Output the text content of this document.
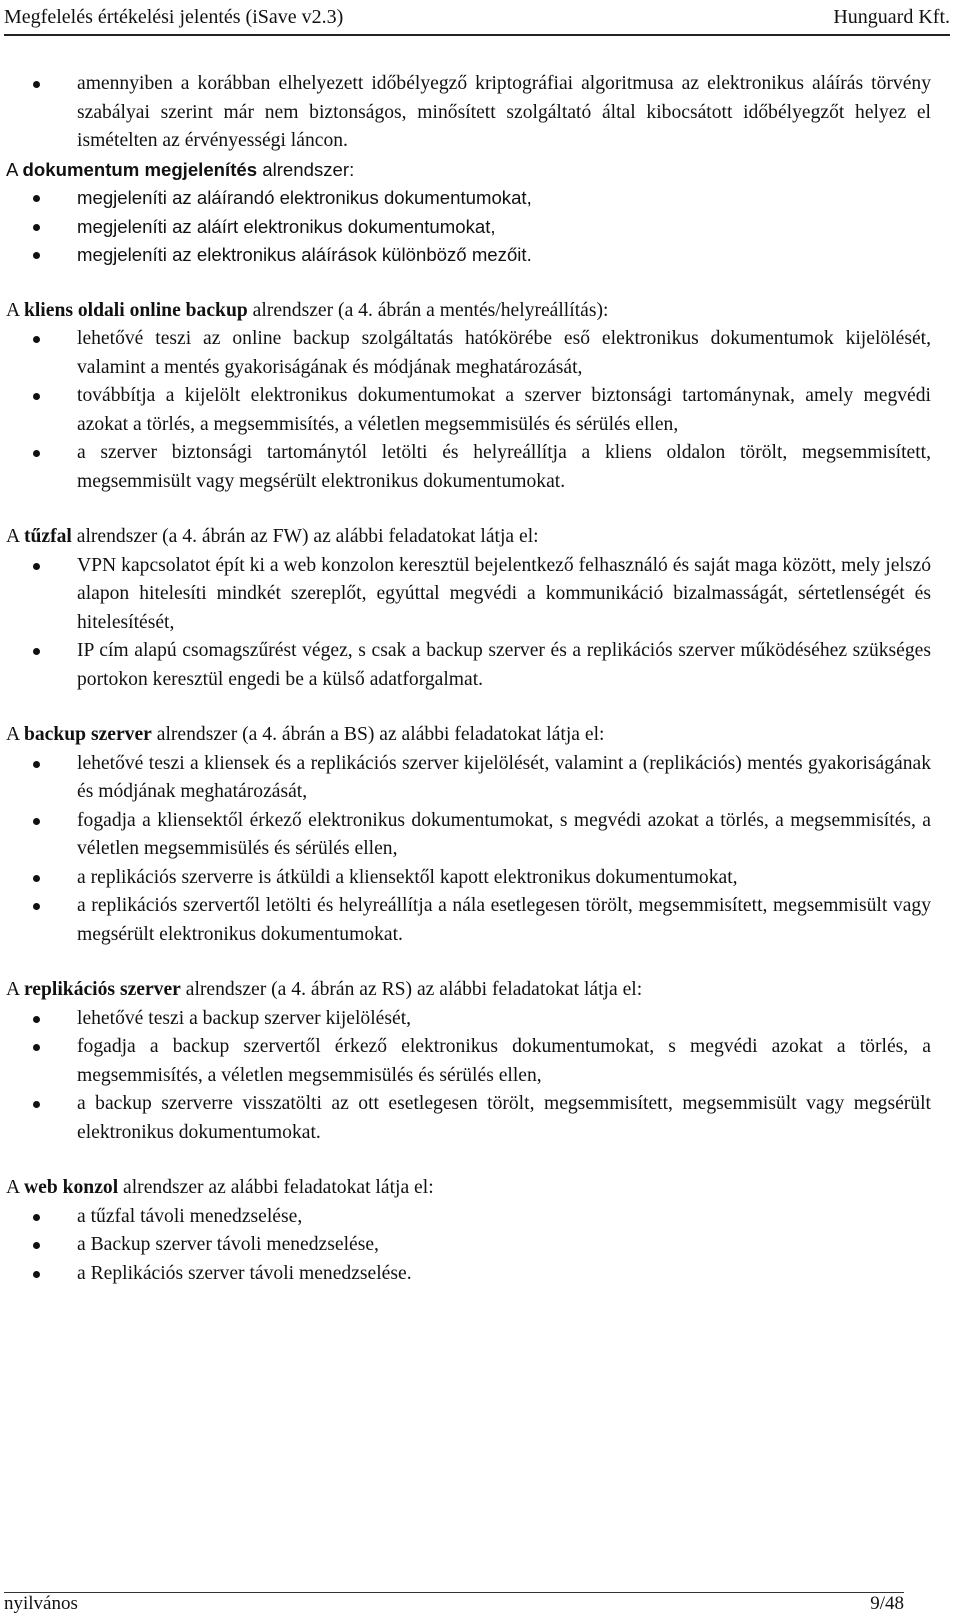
Megfelelés értékelési jelentés (iSave v2.3)	Hunguard Kft.
amennyiben a korábban elhelyezett időbélyegző kriptográfiai algoritmusa az elektronikus aláírás törvény szabályai szerint már nem biztonságos, minősített szolgáltató által kibocsátott időbélyegzőt helyez el ismételten az érvényességi láncon.

A dokumentum megjelenítés alrendszer:

megjeleníti az aláírandó elektronikus dokumentumokat,
megjeleníti az aláírt elektronikus dokumentumokat,
megjeleníti az elektronikus aláírások különböző mezőit.

A kliens oldali online backup alrendszer (a 4. ábrán a mentés/helyreállítás):

lehetővé teszi az online backup szolgáltatás hatókörébe eső elektronikus dokumentumok kijelölését, valamint a mentés gyakoriságának és módjának meghatározását,
továbbítja a kijelölt elektronikus dokumentumokat a szerver biztonsági tartománynak, amely megvédi azokat a törlés, a megsemmisítés, a véletlen megsemmisülés és sérülés ellen,
a szerver biztonsági tartománytól letölti és helyreállítja a kliens oldalon törölt, megsemmisített, megsemmisült vagy megsérült elektronikus dokumentumokat.

A tűzfal alrendszer (a 4. ábrán az FW) az alábbi feladatokat látja el:

VPN kapcsolatot épít ki a web konzolon keresztül bejelentkező felhasználó és saját maga között, mely jelszó alapon hitelesíti mindkét szereplőt, egyúttal megvédi a kommunikáció bizalmasságát, sértetlenségét és hitelesítését,
IP cím alapú csomagszűrést végez, s csak a backup szerver és a replikációs szerver működéséhez szükséges portokon keresztül engedi be a külső adatforgalmat.

A backup szerver alrendszer (a 4. ábrán a BS) az alábbi feladatokat látja el:

lehetővé teszi a kliensek és a replikációs szerver kijelölését, valamint a (replikációs) mentés gyakoriságának és módjának meghatározását,
fogadja a kliensektől érkező elektronikus dokumentumokat, s megvédi azokat a törlés, a megsemmisítés, a véletlen megsemmisülés és sérülés ellen,
a replikációs szerverre is átküldi a kliensektől kapott elektronikus dokumentumokat,
a replikációs szervertől letölti és helyreállítja a nála esetlegesen törölt, megsemmisített, megsemmisült vagy megsérült elektronikus dokumentumokat.

A replikációs szerver alrendszer (a 4. ábrán az RS) az alábbi feladatokat látja el:

lehetővé teszi a backup szerver kijelölését,
fogadja a backup szervertől érkező elektronikus dokumentumokat, s megvédi azokat a törlés, a megsemmisítés, a véletlen megsemmisülés és sérülés ellen,
a backup szerverre visszatölti az ott esetlegesen törölt, megsemmisített, megsemmisült vagy megsérült elektronikus dokumentumokat.

A web konzol alrendszer az alábbi feladatokat látja el:

a tűzfal távoli menedzselése,
a Backup szerver távoli menedzselése,
a Replikációs szerver távoli menedzselése.
nyilvános	9/48
